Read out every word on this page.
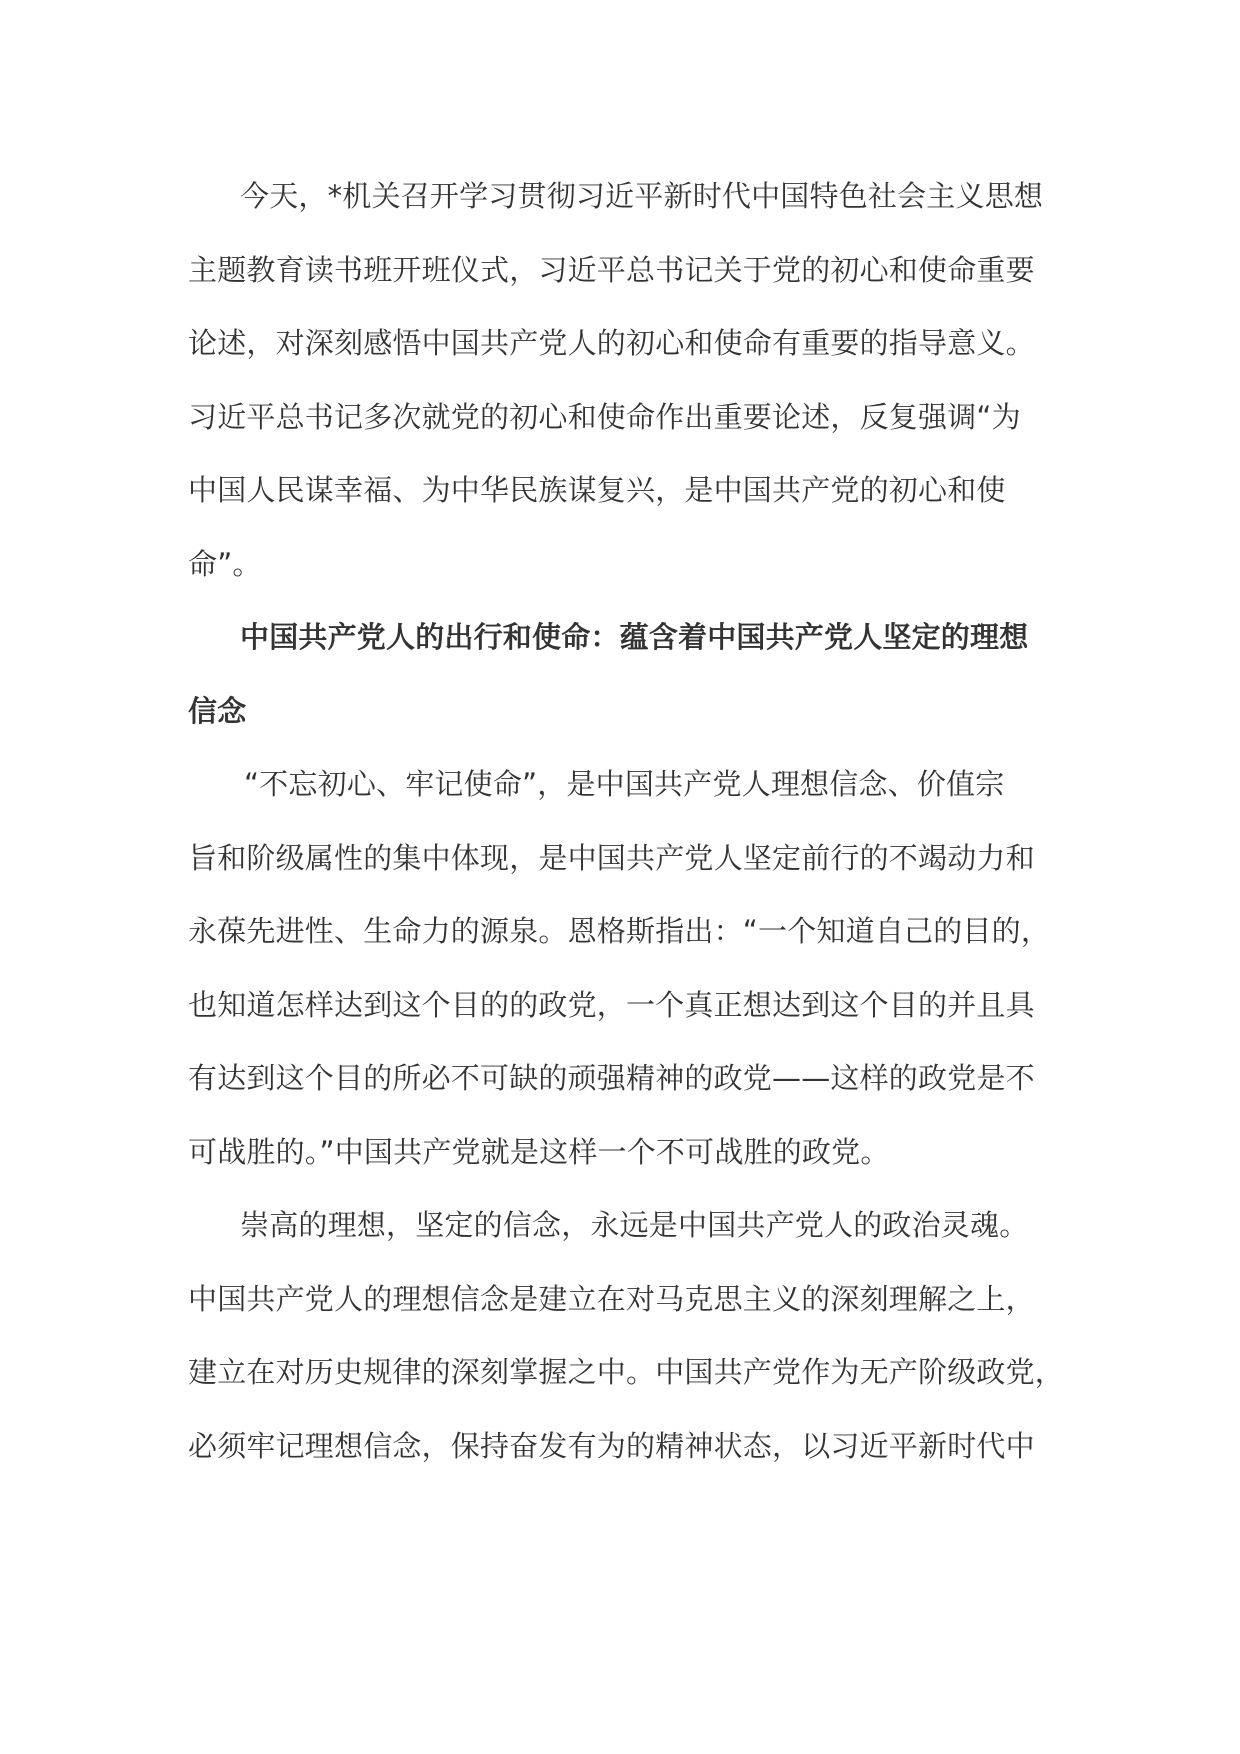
今天，*机关召开学习贯彻习近平新时代中国特色社会主义思想
主题教育读书班开班仪式，习近平总书记关于党的初心和使命重要
论述，对深刻感悟中国共产党人的初心和使命有重要的指导意义。
习近平总书记多次就党的初心和使命作出重要论述，反复强调“为
中国人民谋幸福、为中华民族谋复兴，是中国共产党的初心和使
命”。
中国共产党人的出行和使命：蕴含着中国共产党人坚定的理想
信念
“不忘初心、牢记使命”，是中国共产党人理想信念、价值宗
旨和阶级属性的集中体现，是中国共产党人坚定前行的不竭动力和
永葆先进性、生命力的源泉。恩格斯指出：“一个知道自己的目的，
也知道怎样达到这个目的的政党，一个真正想达到这个目的并且具
有达到这个目的所必不可缺的顽强精神的政党——这样的政党是不
可战胜的。”中国共产党就是这样一个不可战胜的政党。
崇高的理想，坚定的信念，永远是中国共产党人的政治灵魂。
中国共产党人的理想信念是建立在对马克思主义的深刻理解之上，
建立在对历史规律的深刻掌握之中。中国共产党作为无产阶级政党，
必须牢记理想信念，保持奋发有为的精神状态，以习近平新时代中
